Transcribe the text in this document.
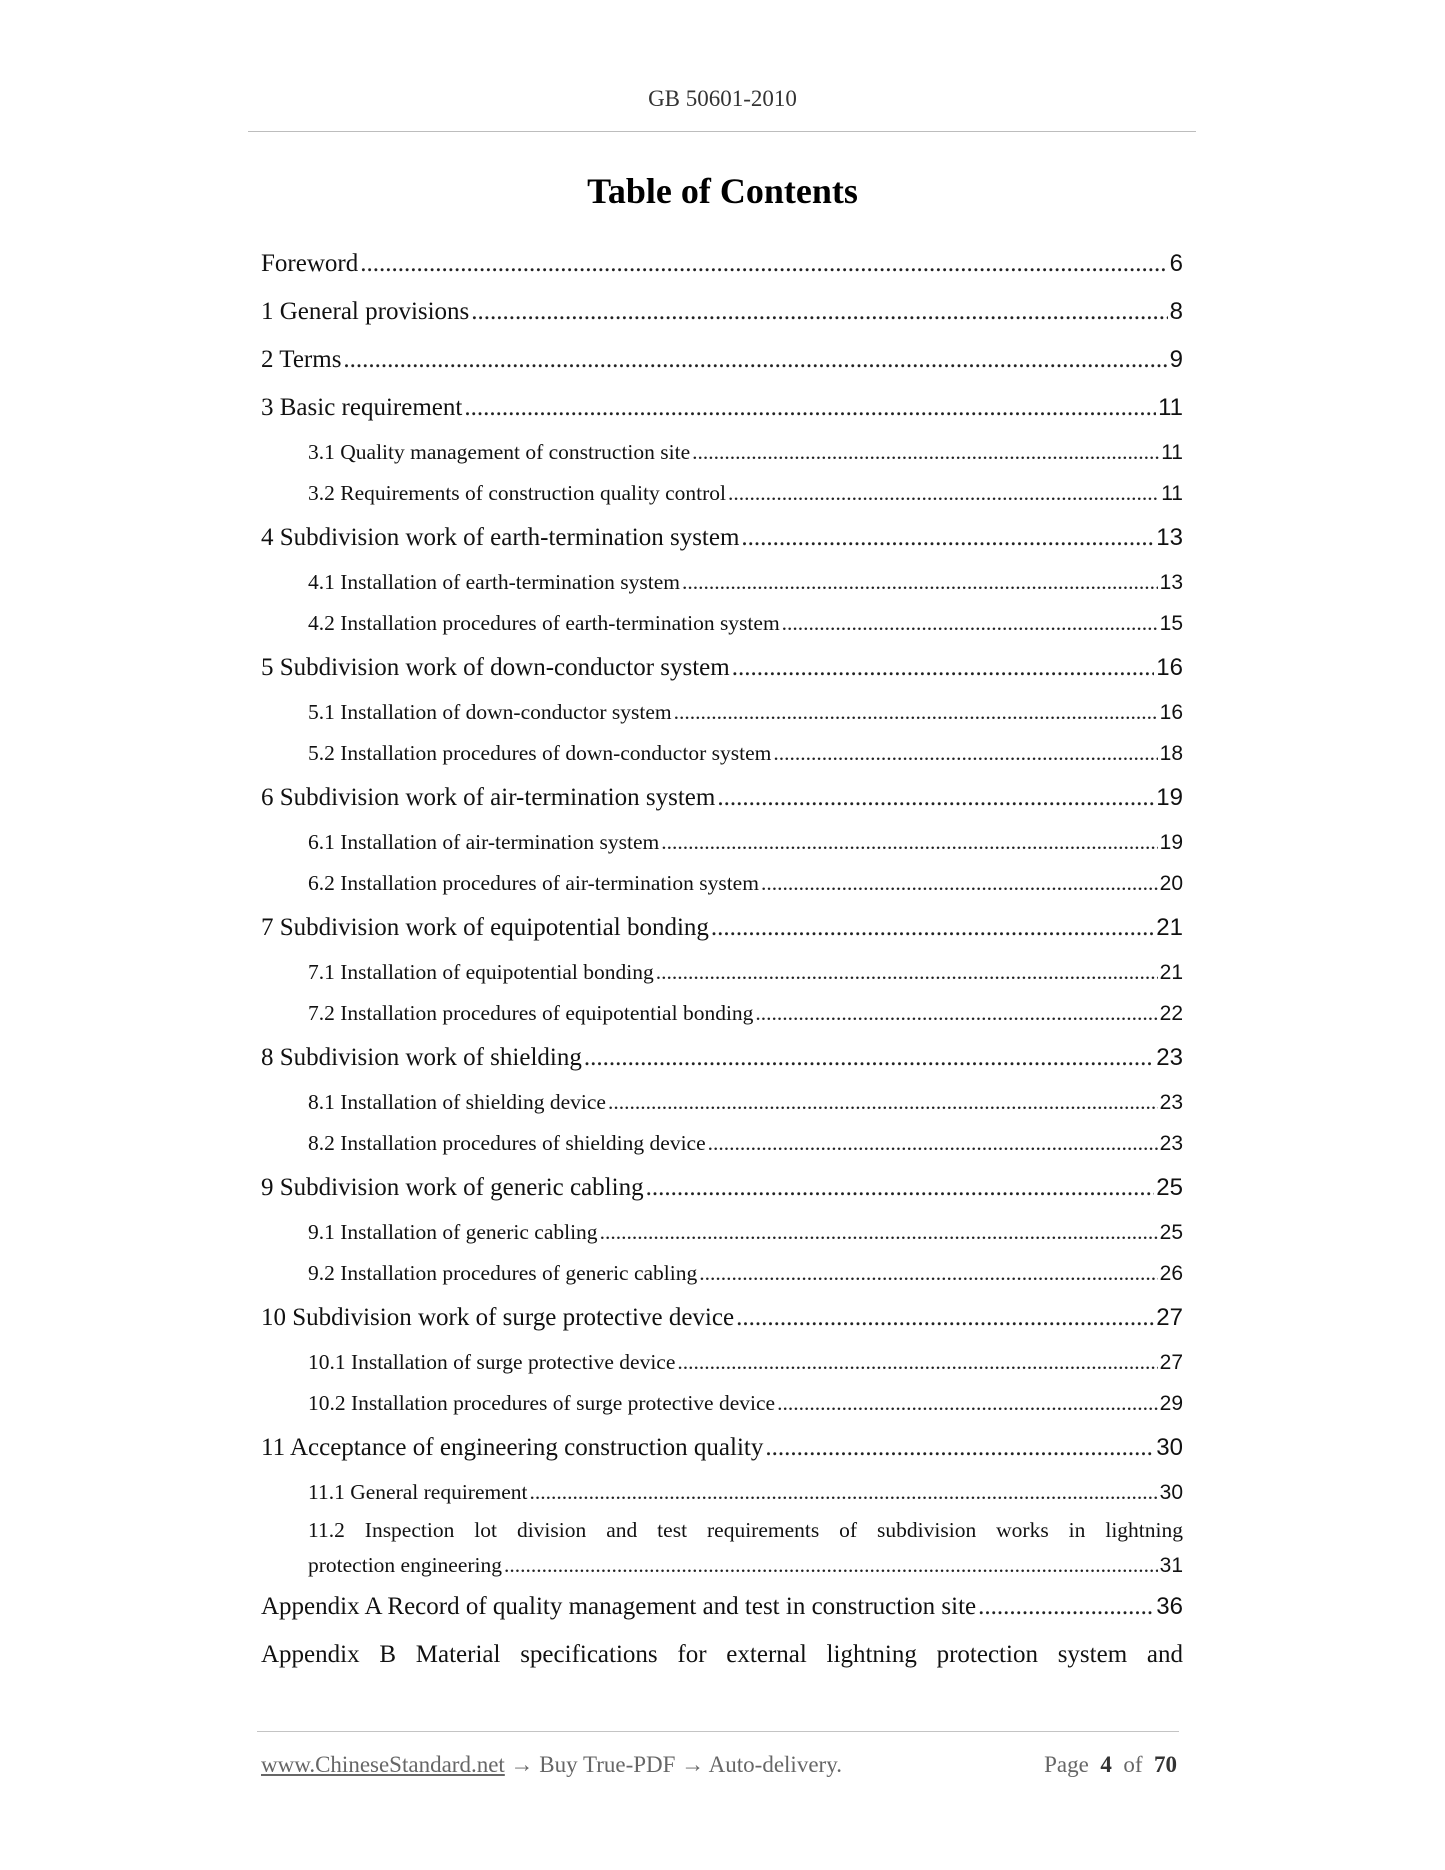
GB 50601-2010
Table of Contents
Foreword .....	6
1 General provisions .....	8
2 Terms .....	9
3 Basic requirement .....	11
3.1 Quality management of construction site .....	11
3.2 Requirements of construction quality control .....	11
4 Subdivision work of earth-termination system .....	13
4.1 Installation of earth-termination system .....	13
4.2 Installation procedures of earth-termination system .....	15
5 Subdivision work of down-conductor system .....	16
5.1 Installation of down-conductor system .....	16
5.2 Installation procedures of down-conductor system .....	18
6 Subdivision work of air-termination system .....	19
6.1 Installation of air-termination system .....	19
6.2 Installation procedures of air-termination system .....	20
7 Subdivision work of equipotential bonding .....	21
7.1 Installation of equipotential bonding .....	21
7.2 Installation procedures of equipotential bonding .....	22
8 Subdivision work of shielding .....	23
8.1 Installation of shielding device .....	23
8.2 Installation procedures of shielding device .....	23
9 Subdivision work of generic cabling .....	25
9.1 Installation of generic cabling .....	25
9.2 Installation procedures of generic cabling .....	26
10 Subdivision work of surge protective device .....	27
10.1 Installation of surge protective device .....	27
10.2 Installation procedures of surge protective device .....	29
11 Acceptance of engineering construction quality .....	30
11.1 General requirement .....	30
11.2 Inspection lot division and test requirements of subdivision works in lightning
protection engineering .....	31
Appendix A Record of quality management and test in construction site .....	36
Appendix B Material specifications for external lightning protection system and
www.ChineseStandard.net → Buy True-PDF → Auto-delivery.	Page 4 of 70
